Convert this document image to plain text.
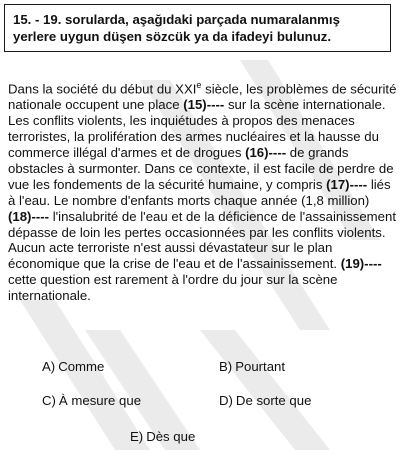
15. - 19. sorularda, aşağıdaki parçada numaralanmış
yerlere uygun düşen sözcük ya da ifadeyi bulunuz.
Dans la société du début du XXIe siècle, les problèmes de sécurité nationale occupent une place (15)---- sur la scène internationale. Les conflits violents, les inquiétudes à propos des menaces terroristes, la prolifération des armes nucléaires et la hausse du commerce illégal d'armes et de drogues (16)---- de grands obstacles à surmonter. Dans ce contexte, il est facile de perdre de vue les fondements de la sécurité humaine, y compris (17)---- liés à l'eau. Le nombre d'enfants morts chaque année (1,8 million) (18)---- l'insalubrité de l'eau et de la déficience de l'assainissement dépasse de loin les pertes occasionnées par les conflits violents. Aucun acte terroriste n'est aussi dévastateur sur le plan économique que la crise de l'eau et de l'assainissement. (19)---- cette question est rarement à l'ordre du jour sur la scène internationale.
A) Comme	B) Pourtant
C) À mesure que	D) De sorte que
E) Dès que
